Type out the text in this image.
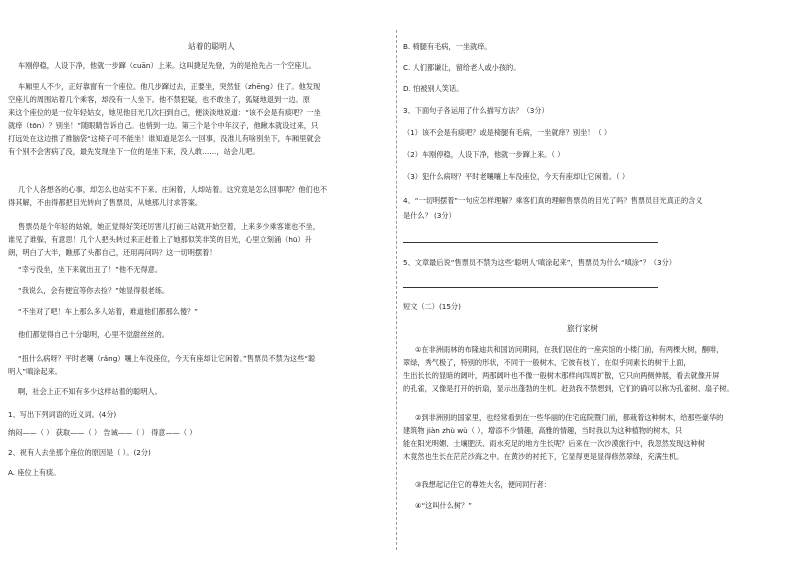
站着的聪明人
车刚停稳，人设下净，他就一步蹿（cuān）上来。这叫捷足先登，为的是抢先占一个空座儿。
车厢里人不少，正好靠窗有一个座位。他几步蹿过去，正要坐，突然怔（zhēng）住了。他发现
空座儿的周围站着几个乘客，却没有一人坐下。他不禁犯疑，也不敢坐了，狐疑地退到一边。原
来这个座位的是一位年轻姑女，她见他目光几次扫到自己，便淡淡地说道：“该不会是有痰吧？一坐
就痒（tōn）？别坐！”随眼睛告诉自己。也悄到一边。第三个是个中年汉子，他瞅本就设过来，只
打远处在这边推了推脑袋“这椅子可不能坐！谁知道是怎么一回事，没准儿有啥别坐下，车厢里就会
有个别不会害病了没，最先发现坐下一位的是坐下来，没人敢……，站会儿吧。
几个人各想各的心事，却怎么也站实不下来。庄闲着，人却站着。这究竟是怎么回事呢？他们也不
得其解，不由得都把目光转向了售票员，从她那儿讨求答案。
售票员是个年轻的姑娘，她正觉得好笑还厉害儿打前三站就开始空着，上来多少乘客谁也不坐，
谁见了谁躲，有意思！几个人把头转过来正赶着上了她那似笑非笑的目光，心里立刻涌（hū）升
朗，明白了大半，瞧那了头都自己，还用再问吗？这一切明摆着！
“幸亏没坐，坐下来就出丑了！”他不无得意。
“我说么，会有便宜等你去捡？”她显得很老练。
“不坐对了吧！车上那么多人站着，难道他们都那么傻？”
他们都觉得自己十分聪明，心里不觉甜丝丝的。
“扭什么病呀？平时老嚷（rǎng）嚷上车没座位，今天有座却让它闲着。”售票员不禁为这些“聪
明人”嗔涂起来。
啊，社会上正不知有多少这样站着的聪明人。
1、写出下列词语的近义词。(4分)
纳闷——（ ） 获取——（ ） 告诫——（ ） 得意——（ ）
2、祝有人去坐那个座位的原因是（ ）。(2分)
A. 座位上有痰。
B. 椅腿有毛病，一坐就痒。
C. 人们都谦让，留给老人或小孩的。
D. 怕被别人笑话。
3、下面句子各运用了什么描写方法？（3分）
（1）该不会是有痰吧？或是椅腿有毛病，一坐就痒？别坐！（ ）
（2）车刚停稳，人设下净，他就一步蹿上来。（ ）
（3）犯什么病呀？平时老嚷嚷上车没座位，今天有座却让它闲着。（ ）
4、“一切明摆着”一句应怎样理解？乘客们真的理解售票员的目光了吗？售票员目光真正的含义
是什么？ (3分）
5、文章最后说“售票员不禁为这些‘聪明人’嗔涂起来”，售票员为什么“嗔涂”？（3分）
短文（二）(15分)
旅行家树
①在非洲雨林的布隆迪共和国访问期间，在我们居住的一座宾馆的小楼门前，有两棵大树，酮啡，
翠绿，秀气极了，特别的形状，不同于一般树木，它彼有枝丫，在似乎同素长的树干上面，
生出长长的显暗的阔叶，两那阔叶也不像一般树木那样向四周扩散，它只向两侧伸展，看去就像开屏
的孔雀，又像是打开的折扇，显示出蓬勃的生机。赶劲我不禁想到，它们的确可以称为孔雀树、扇子树。
②到非洲别的国家里，也经常看到在一些华丽的住宅庭院暨门前，都栽着这种树木，给那些豪华的
建筑物 jiàn zhù wù（ ），增添不少情趣，高雅的情趣，当时我以为这种植物的树木，只
能在阳光明媚、土壤肥沃、雨水充足的地方生长呢？后来在一次沙漠旅行中，我忽然发现这种树
木竟然也生长在茫茫沙海之中。在黄沙的衬托下，它显得更是显得修然翠绿，充满生机。
③我想起记住它的尊姓大名，便问同行者：
④“这叫什么树？”
